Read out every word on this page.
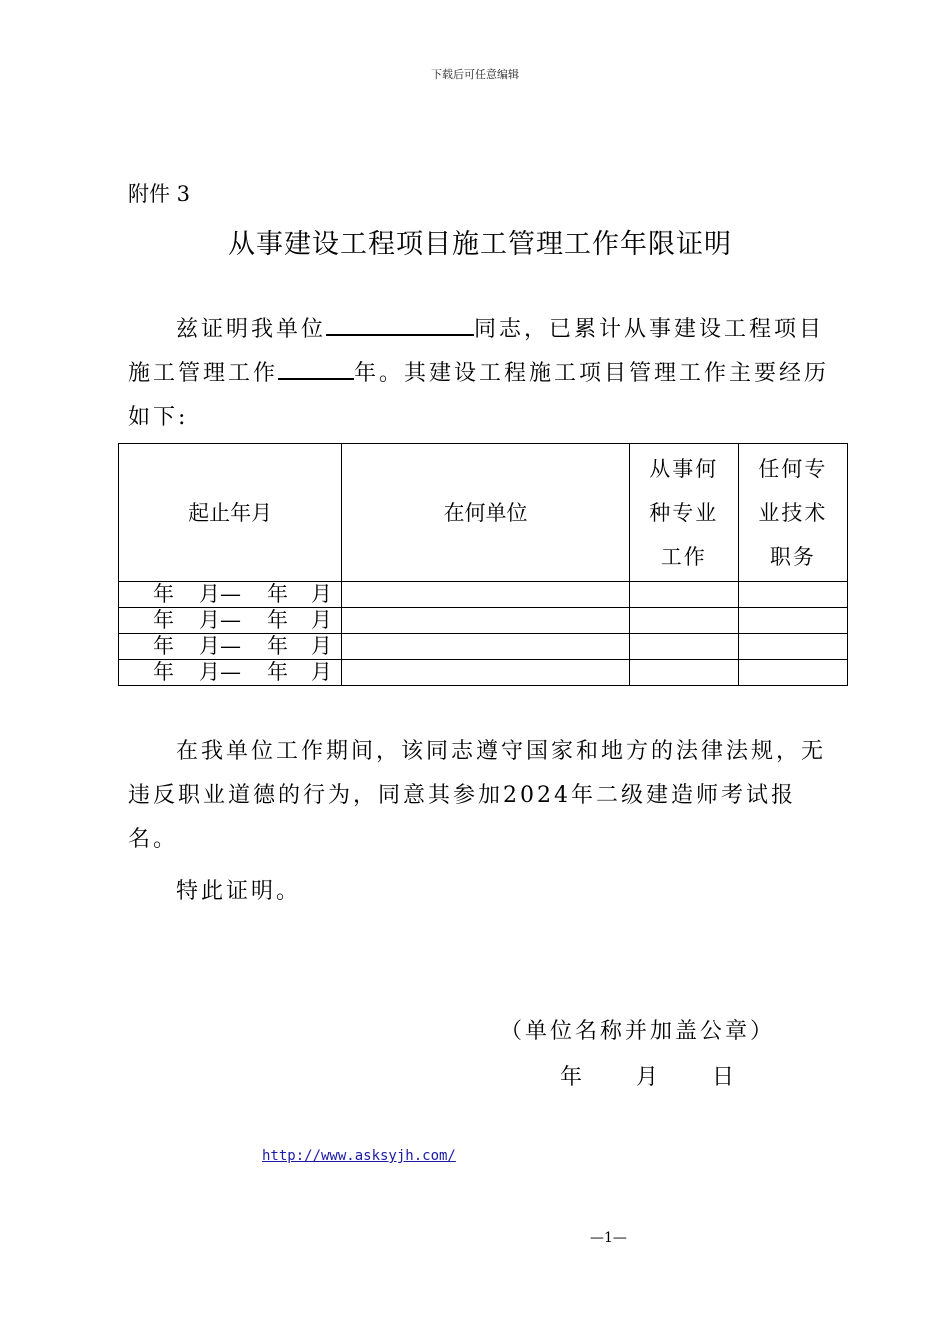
下载后可任意编辑
附件 3
从事建设工程项目施工管理工作年限证明

兹证明我单位	同志，已累计从事建设工程项目施工管理工作	年。其建设工程施工项目管理工作主要经历如下:

起止年月	在何单位	从事何种专业工作	任何专业技术职务

年 月— 年 月			

年 月— 年 月			

年 月— 年 月			

年 月— 年 月			

在我单位工作期间，该同志遵守国家和地方的法律法规，无违反职业道德的行为，同意其参加2024年二级建造师考试报名。

特此证明。

（单位名称并加盖公章）
年 月 日
http://www.asksyjh.com/
—1—
